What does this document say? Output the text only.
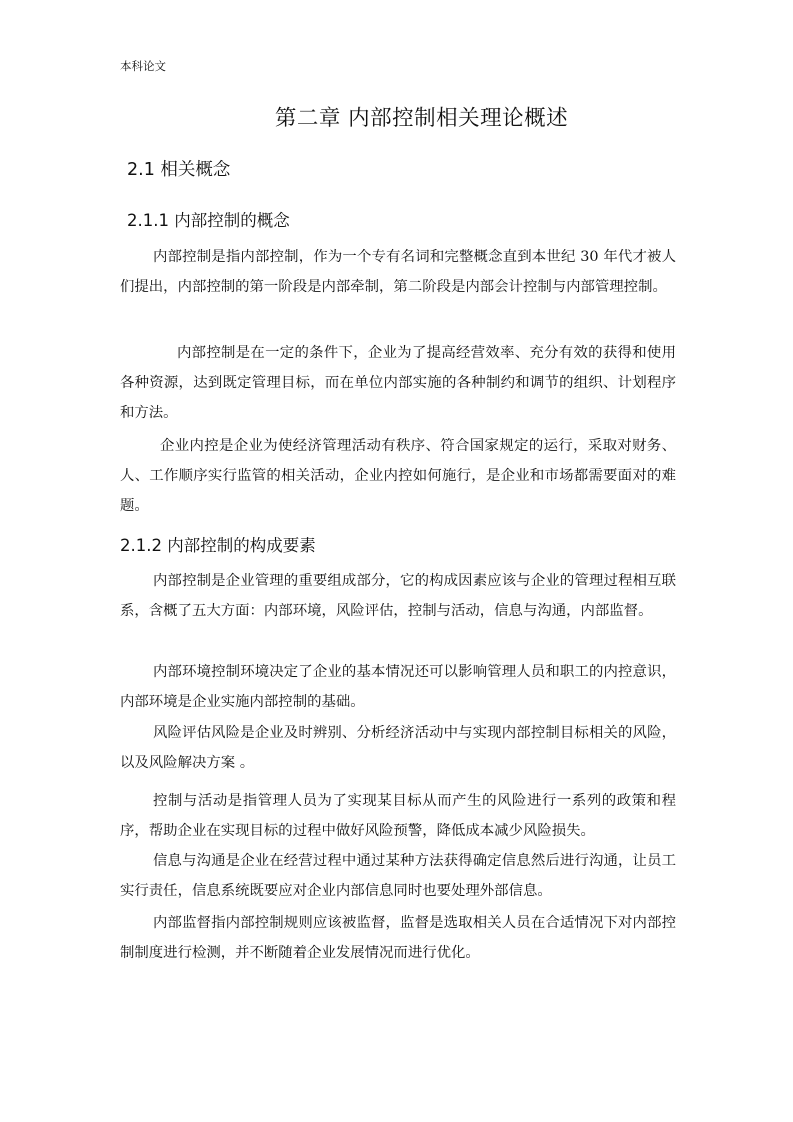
本科论文
第二章 内部控制相关理论概述
2.1 相关概念
2.1.1 内部控制的概念

内部控制是指内部控制，作为一个专有名词和完整概念直到本世纪 30 年代才被人们提出，内部控制的第一阶段是内部牵制，第二阶段是内部会计控制与内部管理控制。

内部控制是在一定的条件下，企业为了提高经营效率、充分有效的获得和使用各种资源，达到既定管理目标，而在单位内部实施的各种制约和调节的组织、计划程序和方法。

企业内控是企业为使经济管理活动有秩序、符合国家规定的运行，采取对财务、人、工作顺序实行监管的相关活动，企业内控如何施行，是企业和市场都需要面对的难题。

2.1.2 内部控制的构成要素

内部控制是企业管理的重要组成部分，它的构成因素应该与企业的管理过程相互联系，含概了五大方面：内部环境，风险评估，控制与活动，信息与沟通，内部监督。

内部环境控制环境决定了企业的基本情况还可以影响管理人员和职工的内控意识，内部环境是企业实施内部控制的基础。

风险评估风险是企业及时辨别、分析经济活动中与实现内部控制目标相关的风险，以及风险解决方案 。

控制与活动是指管理人员为了实现某目标从而产生的风险进行一系列的政策和程序，帮助企业在实现目标的过程中做好风险预警，降低成本减少风险损失。

信息与沟通是企业在经营过程中通过某种方法获得确定信息然后进行沟通，让员工实行责任，信息系统既要应对企业内部信息同时也要处理外部信息。

内部监督指内部控制规则应该被监督，监督是选取相关人员在合适情况下对内部控制制度进行检测，并不断随着企业发展情况而进行优化。
